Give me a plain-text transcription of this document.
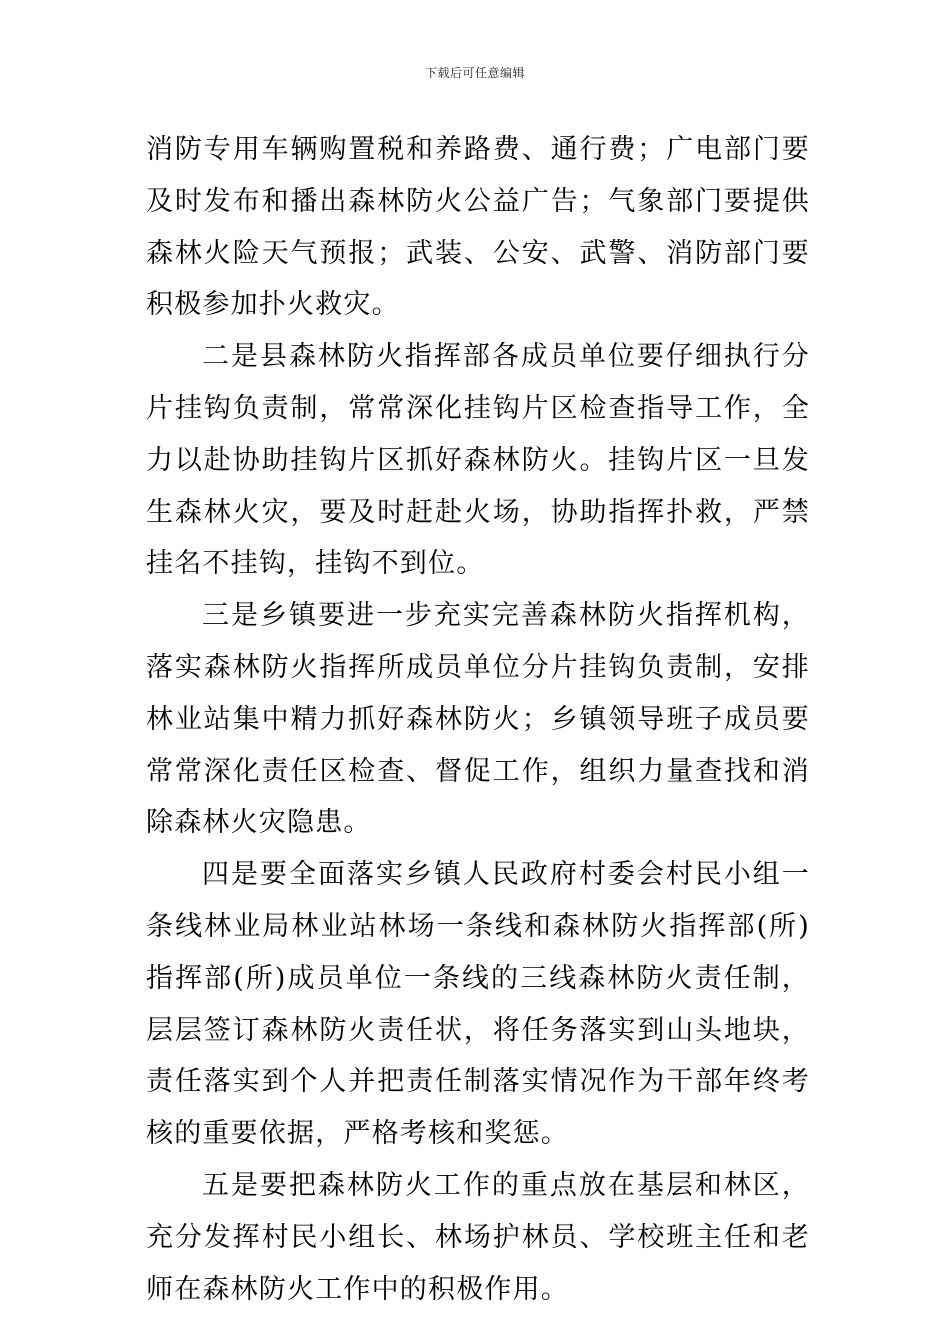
下载后可任意编辑

消防专用车辆购置税和养路费、通行费；广电部门要及时发布和播出森林防火公益广告；气象部门要提供森林火险天气预报；武装、公安、武警、消防部门要积极参加扑火救灾。

二是县森林防火指挥部各成员单位要仔细执行分片挂钩负责制，常常深化挂钩片区检查指导工作，全力以赴协助挂钩片区抓好森林防火。挂钩片区一旦发生森林火灾，要及时赶赴火场，协助指挥扑救，严禁挂名不挂钩，挂钩不到位。

三是乡镇要进一步充实完善森林防火指挥机构，落实森林防火指挥所成员单位分片挂钩负责制，安排林业站集中精力抓好森林防火；乡镇领导班子成员要常常深化责任区检查、督促工作，组织力量查找和消除森林火灾隐患。

四是要全面落实乡镇人民政府村委会村民小组一条线林业局林业站林场一条线和森林防火指挥部(所)指挥部(所)成员单位一条线的三线森林防火责任制，层层签订森林防火责任状，将任务落实到山头地块，责任落实到个人并把责任制落实情况作为干部年终考核的重要依据，严格考核和奖惩。

五是要把森林防火工作的重点放在基层和林区，充分发挥村民小组长、林场护林员、学校班主任和老师在森林防火工作中的积极作用。
